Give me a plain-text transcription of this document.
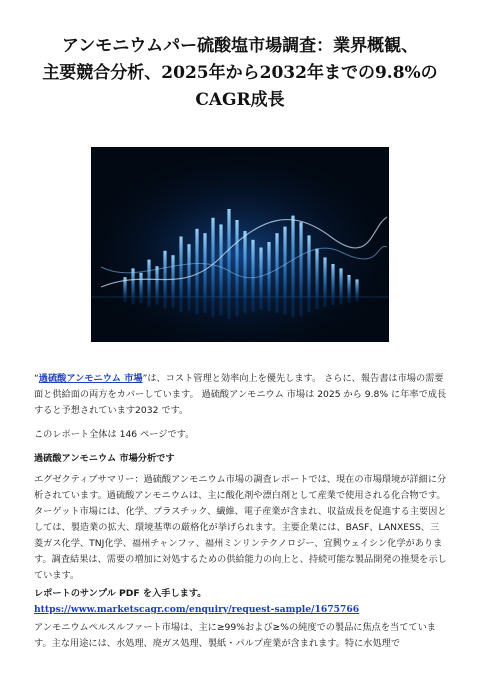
アンモニウムパー硫酸塩市場調査：業界概観、
主要競合分析、2025年から2032年までの9.8%の
CAGR成長

“過硫酸アンモニウム 市場”は、コスト管理と効率向上を優先します。 さらに、報告書は市場の需要面と供給面の両方をカバーしています。 過硫酸アンモニウム 市場は 2025 から 9.8% に年率で成長すると予想されています2032 です。

このレポート全体は 146 ページです。

過硫酸アンモニウム 市場分析です

エグゼクティブサマリー：過硫酸アンモニウム市場の調査レポートでは、現在の市場環境が詳細に分析されています。過硫酸アンモニウムは、主に酸化剤や漂白剤として産業で使用される化合物です。ターゲット市場には、化学、プラスチック、繊維、電子産業が含まれ、収益成長を促進する主要因としては、製造業の拡大、環境基準の厳格化が挙げられます。主要企業には、BASF、LANXESS、三菱ガス化学、TNJ化学、福州チャンファ、福州ミンリンテクノロジー、宜興ウェイシン化学があります。調査結果は、需要の増加に対処するための供給能力の向上と、持続可能な製品開発の推奨を示しています。

レポートのサンプル PDF を入手します。 https://www.marketscagr.com/enquiry/request-sample/1675766

アンモニウムペルスルファート市場は、主に≥99%および≥%の純度での製品に焦点を当てています。主な用途には、水処理、廃ガス処理、製紙・パルプ産業が含まれます。特に水処理で
